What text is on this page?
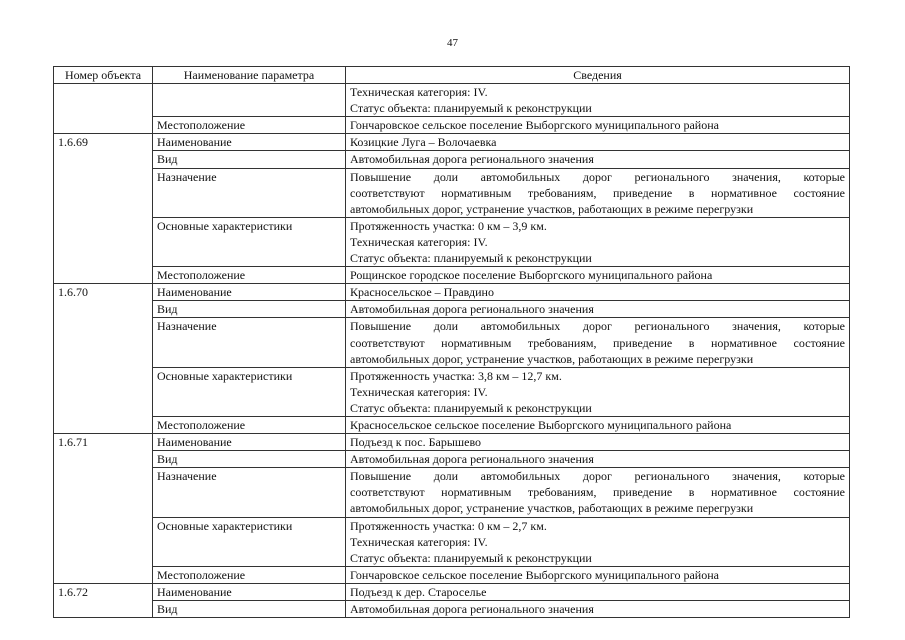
47
Номер объекта	Наименование параметра	Сведения

		Техническая категория: IV.
Статус объекта: планируемый к реконструкции

	Местоположение	Гончаровское сельское поселение Выборгского муниципального района
1.6.69	Наименование	Козицкие Луга – Волочаевка
	Вид	Автомобильная дорога регионального значения
	Назначение	Повышение доли автомобильных дорог регионального значения, которые
соответствуют нормативным требованиям, приведение в нормативное состояние
автомобильных дорог, устранение участков, работающих в режиме перегрузки

	Основные характеристики	Протяженность участка: 0 км – 3,9 км.
Техническая категория: IV.
Статус объекта: планируемый к реконструкции

	Местоположение	Рощинское городское поселение Выборгского муниципального района
1.6.70	Наименование	Красносельское – Правдино
	Вид	Автомобильная дорога регионального значения
	Назначение	Повышение доли автомобильных дорог регионального значения, которые
соответствуют нормативным требованиям, приведение в нормативное состояние
автомобильных дорог, устранение участков, работающих в режиме перегрузки

	Основные характеристики	Протяженность участка: 3,8 км – 12,7 км.
Техническая категория: IV.
Статус объекта: планируемый к реконструкции

	Местоположение	Красносельское сельское поселение Выборгского муниципального района
1.6.71	Наименование	Подъезд к пос. Барышево
	Вид	Автомобильная дорога регионального значения
	Назначение	Повышение доли автомобильных дорог регионального значения, которые
соответствуют нормативным требованиям, приведение в нормативное состояние
автомобильных дорог, устранение участков, работающих в режиме перегрузки

	Основные характеристики	Протяженность участка: 0 км – 2,7 км.
Техническая категория: IV.
Статус объекта: планируемый к реконструкции

	Местоположение	Гончаровское сельское поселение Выборгского муниципального района
1.6.72	Наименование	Подъезд к дер. Староселье
	Вид	Автомобильная дорога регионального значения
